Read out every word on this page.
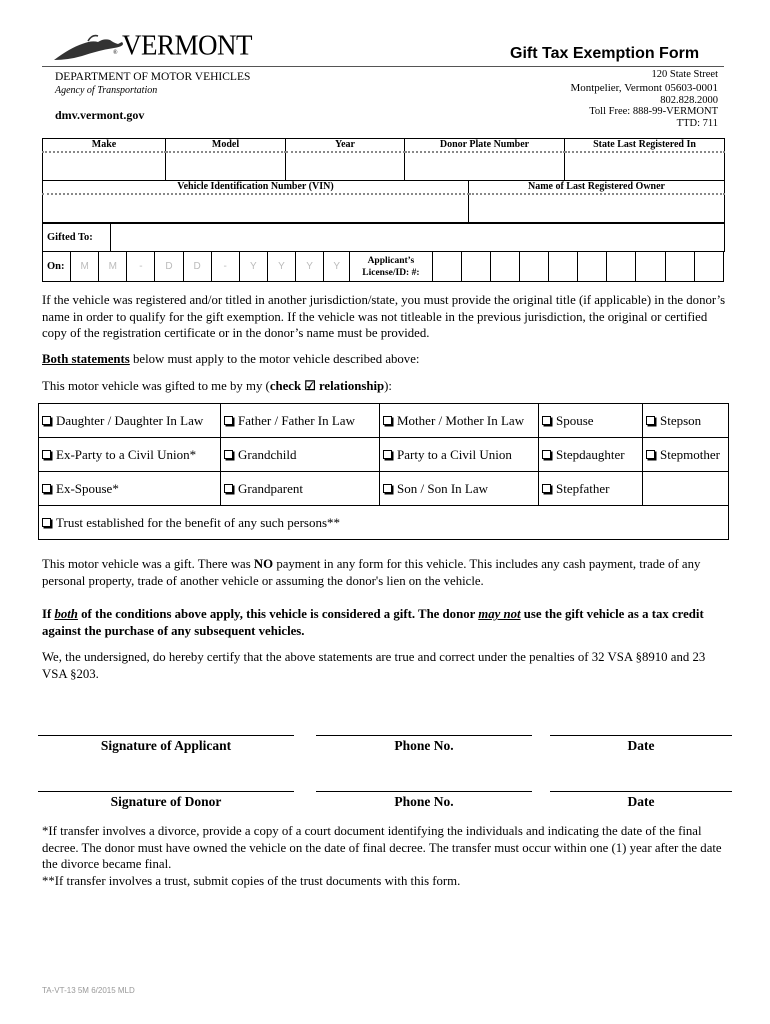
VERMONT
®	Gift Tax Exemption Form
DEPARTMENT OF MOTOR VEHICLES
Agency of Transportation
dmv.vermont.gov
120 State Street
Montpelier, Vermont 05603-0001
802.828.2000
Toll Free: 888-99-VERMONT
TTD: 711
Make	Model	Year	Donor Plate Number	State Last Registered In

Vehicle Identification Number (VIN)	Name of Last Registered Owner

Gifted To:	
On:	M	M	-	D	D	-	Y	Y	Y	Y	
Applicant’s
License/ID: #:

If the vehicle was registered and/or titled in another jurisdiction/state, you must provide the original title (if applicable) in the donor’s name in order to qualify for the gift exemption. If the vehicle was not titleable in the previous jurisdiction, the original or certified copy of the registration certificate or in the donor’s name must be provided.
Both statements below must apply to the motor vehicle described above:
This motor vehicle was gifted to me by my (check ☑ relationship):
Daughter / Daughter In Law	Father / Father In Law	Mother / Mother In Law	Spouse	Stepson
Ex-Party to a Civil Union*	Grandchild	Party to a Civil Union	Stepdaughter	Stepmother
Ex-Spouse*	Grandparent	Son / Son In Law	Stepfather	
Trust established for the benefit of any such persons**				
This motor vehicle was a gift. There was NO payment in any form for this vehicle. This includes any cash payment, trade of any personal property, trade of another vehicle or assuming the donor's lien on the vehicle.
If both of the conditions above apply, this vehicle is considered a gift. The donor may not use the gift vehicle as a tax credit against the purchase of any subsequent vehicles.
We, the undersigned, do hereby certify that the above statements are true and correct under the penalties of 32 VSA §8910 and 23 VSA §203.
Signature of Applicant	Phone No.	Date
Signature of Donor	Phone No.	Date
*If transfer involves a divorce, provide a copy of a court document identifying the individuals and indicating the date of the final decree. The donor must have owned the vehicle on the date of final decree. The transfer must occur within one (1) year after the date the divorce became final.
**If transfer involves a trust, submit copies of the trust documents with this form.
TA-VT-13 5M 6/2015 MLD
